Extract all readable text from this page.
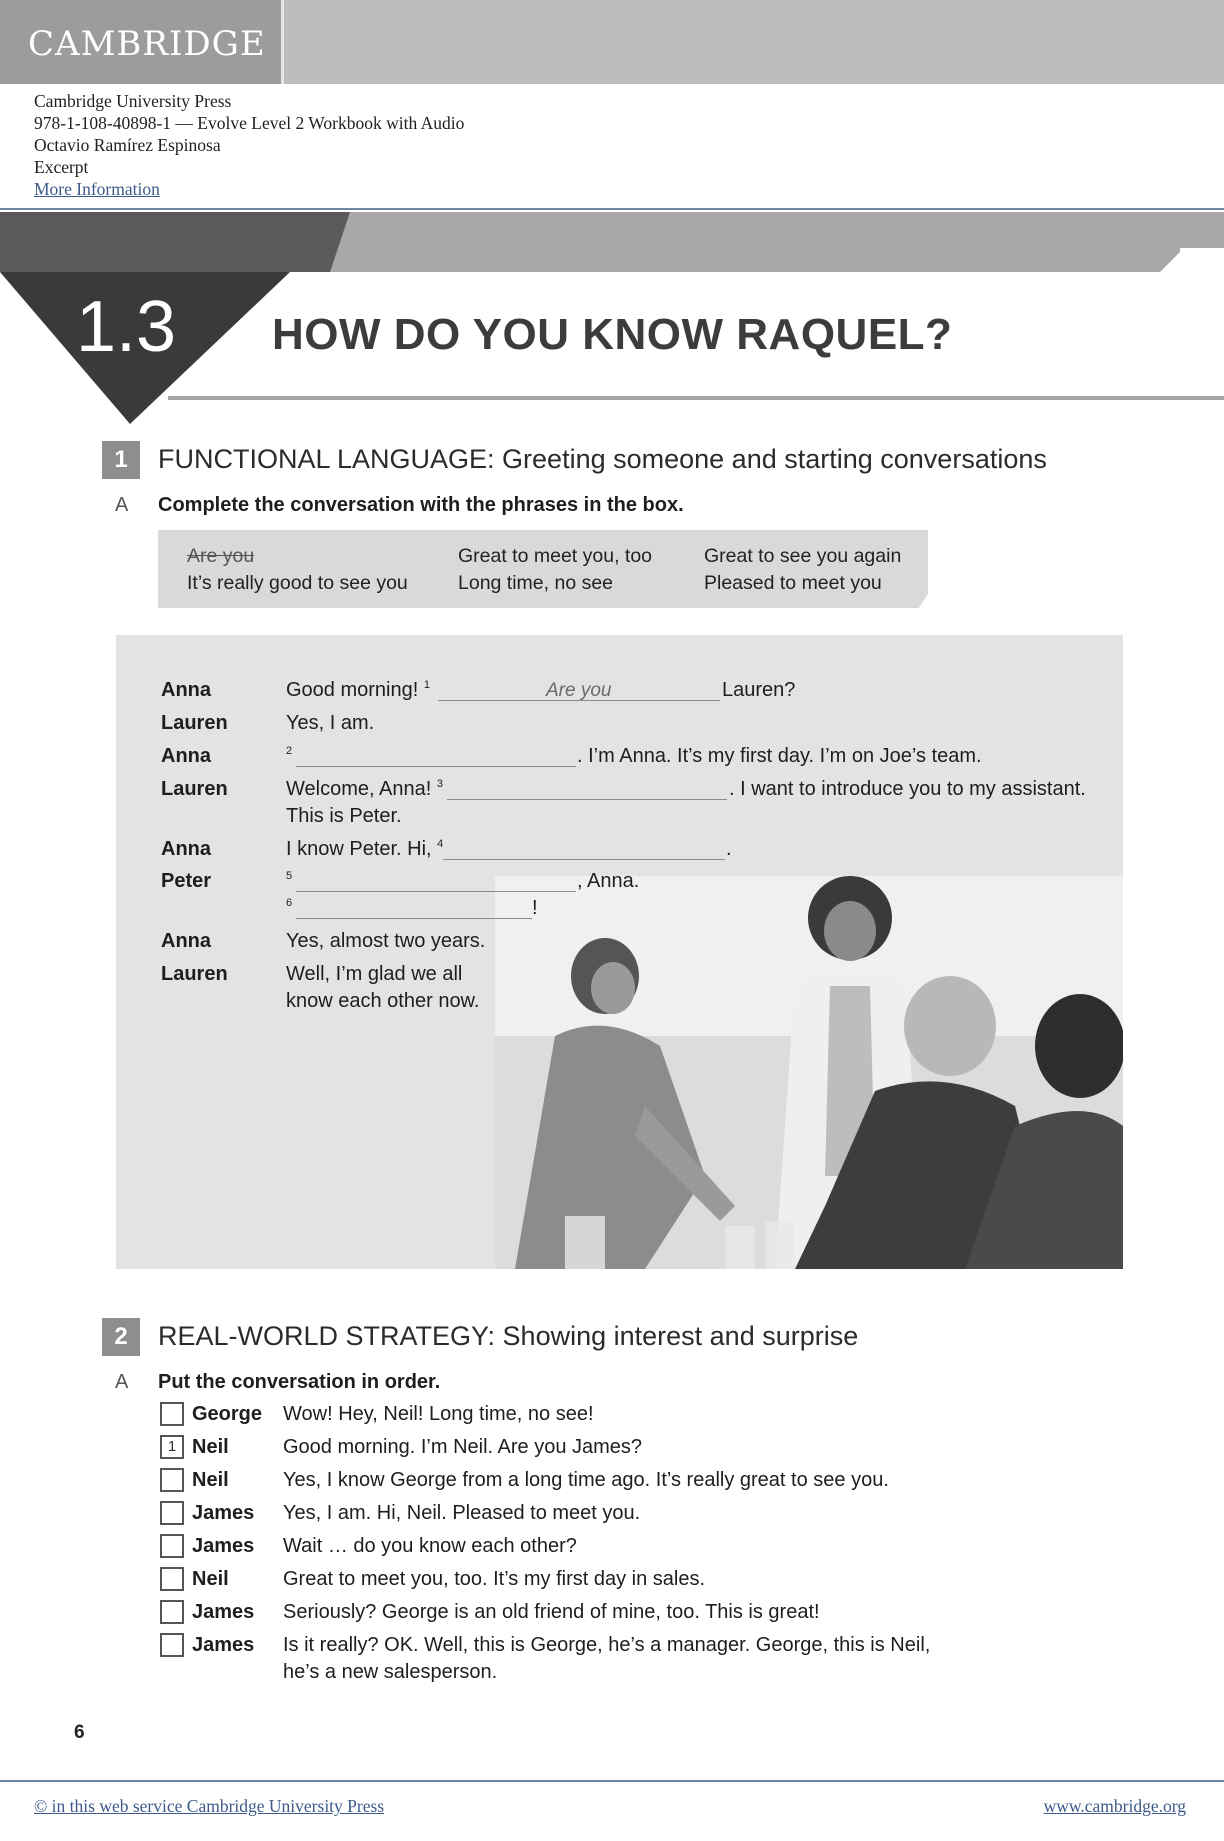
CAMBRIDGE
Cambridge University Press
978-1-108-40898-1 — Evolve Level 2 Workbook with Audio
Octavio Ramírez Espinosa
Excerpt
More Information
1.3 HOW DO YOU KNOW RAQUEL?
1	FUNCTIONAL LANGUAGE: Greeting someone and starting conversations
A Complete the conversation with the phrases in the box.
Are you
It’s really good to see you
Great to meet you, too
Long time, no see
Great to see you again
Pleased to meet you
Anna	Good morning! $^1$	Are you	Lauren?
Lauren	Yes, I am.
Anna	$^2$	. I’m Anna. It’s my first day. I’m on Joe’s team.
Lauren	Welcome, Anna! $^3$	. I want to introduce you to my assistant.
This is Peter.
Anna	I know Peter. Hi, $^4$	.
Peter	$^5$	, Anna.
$^6$	!
Anna	Yes, almost two years.
Lauren	Well, I’m glad we all
know each other now.
2	REAL-WORLD STRATEGY: Showing interest and surprise
A Put the conversation in order.
George Wow! Hey, Neil! Long time, no see!
1 Neil	Good morning. I’m Neil. Are you James?
Neil	Yes, I know George from a long time ago. It’s really great to see you.
James Yes, I am. Hi, Neil. Pleased to meet you.
James Wait … do you know each other?
Neil	Great to meet you, too. It’s my first day in sales.
James Seriously? George is an old friend of mine, too. This is great!
James Is it really? OK. Well, this is George, he’s a manager. George, this is Neil,
he’s a new salesperson.
6
© in this web service Cambridge University Press	www.cambridge.org
